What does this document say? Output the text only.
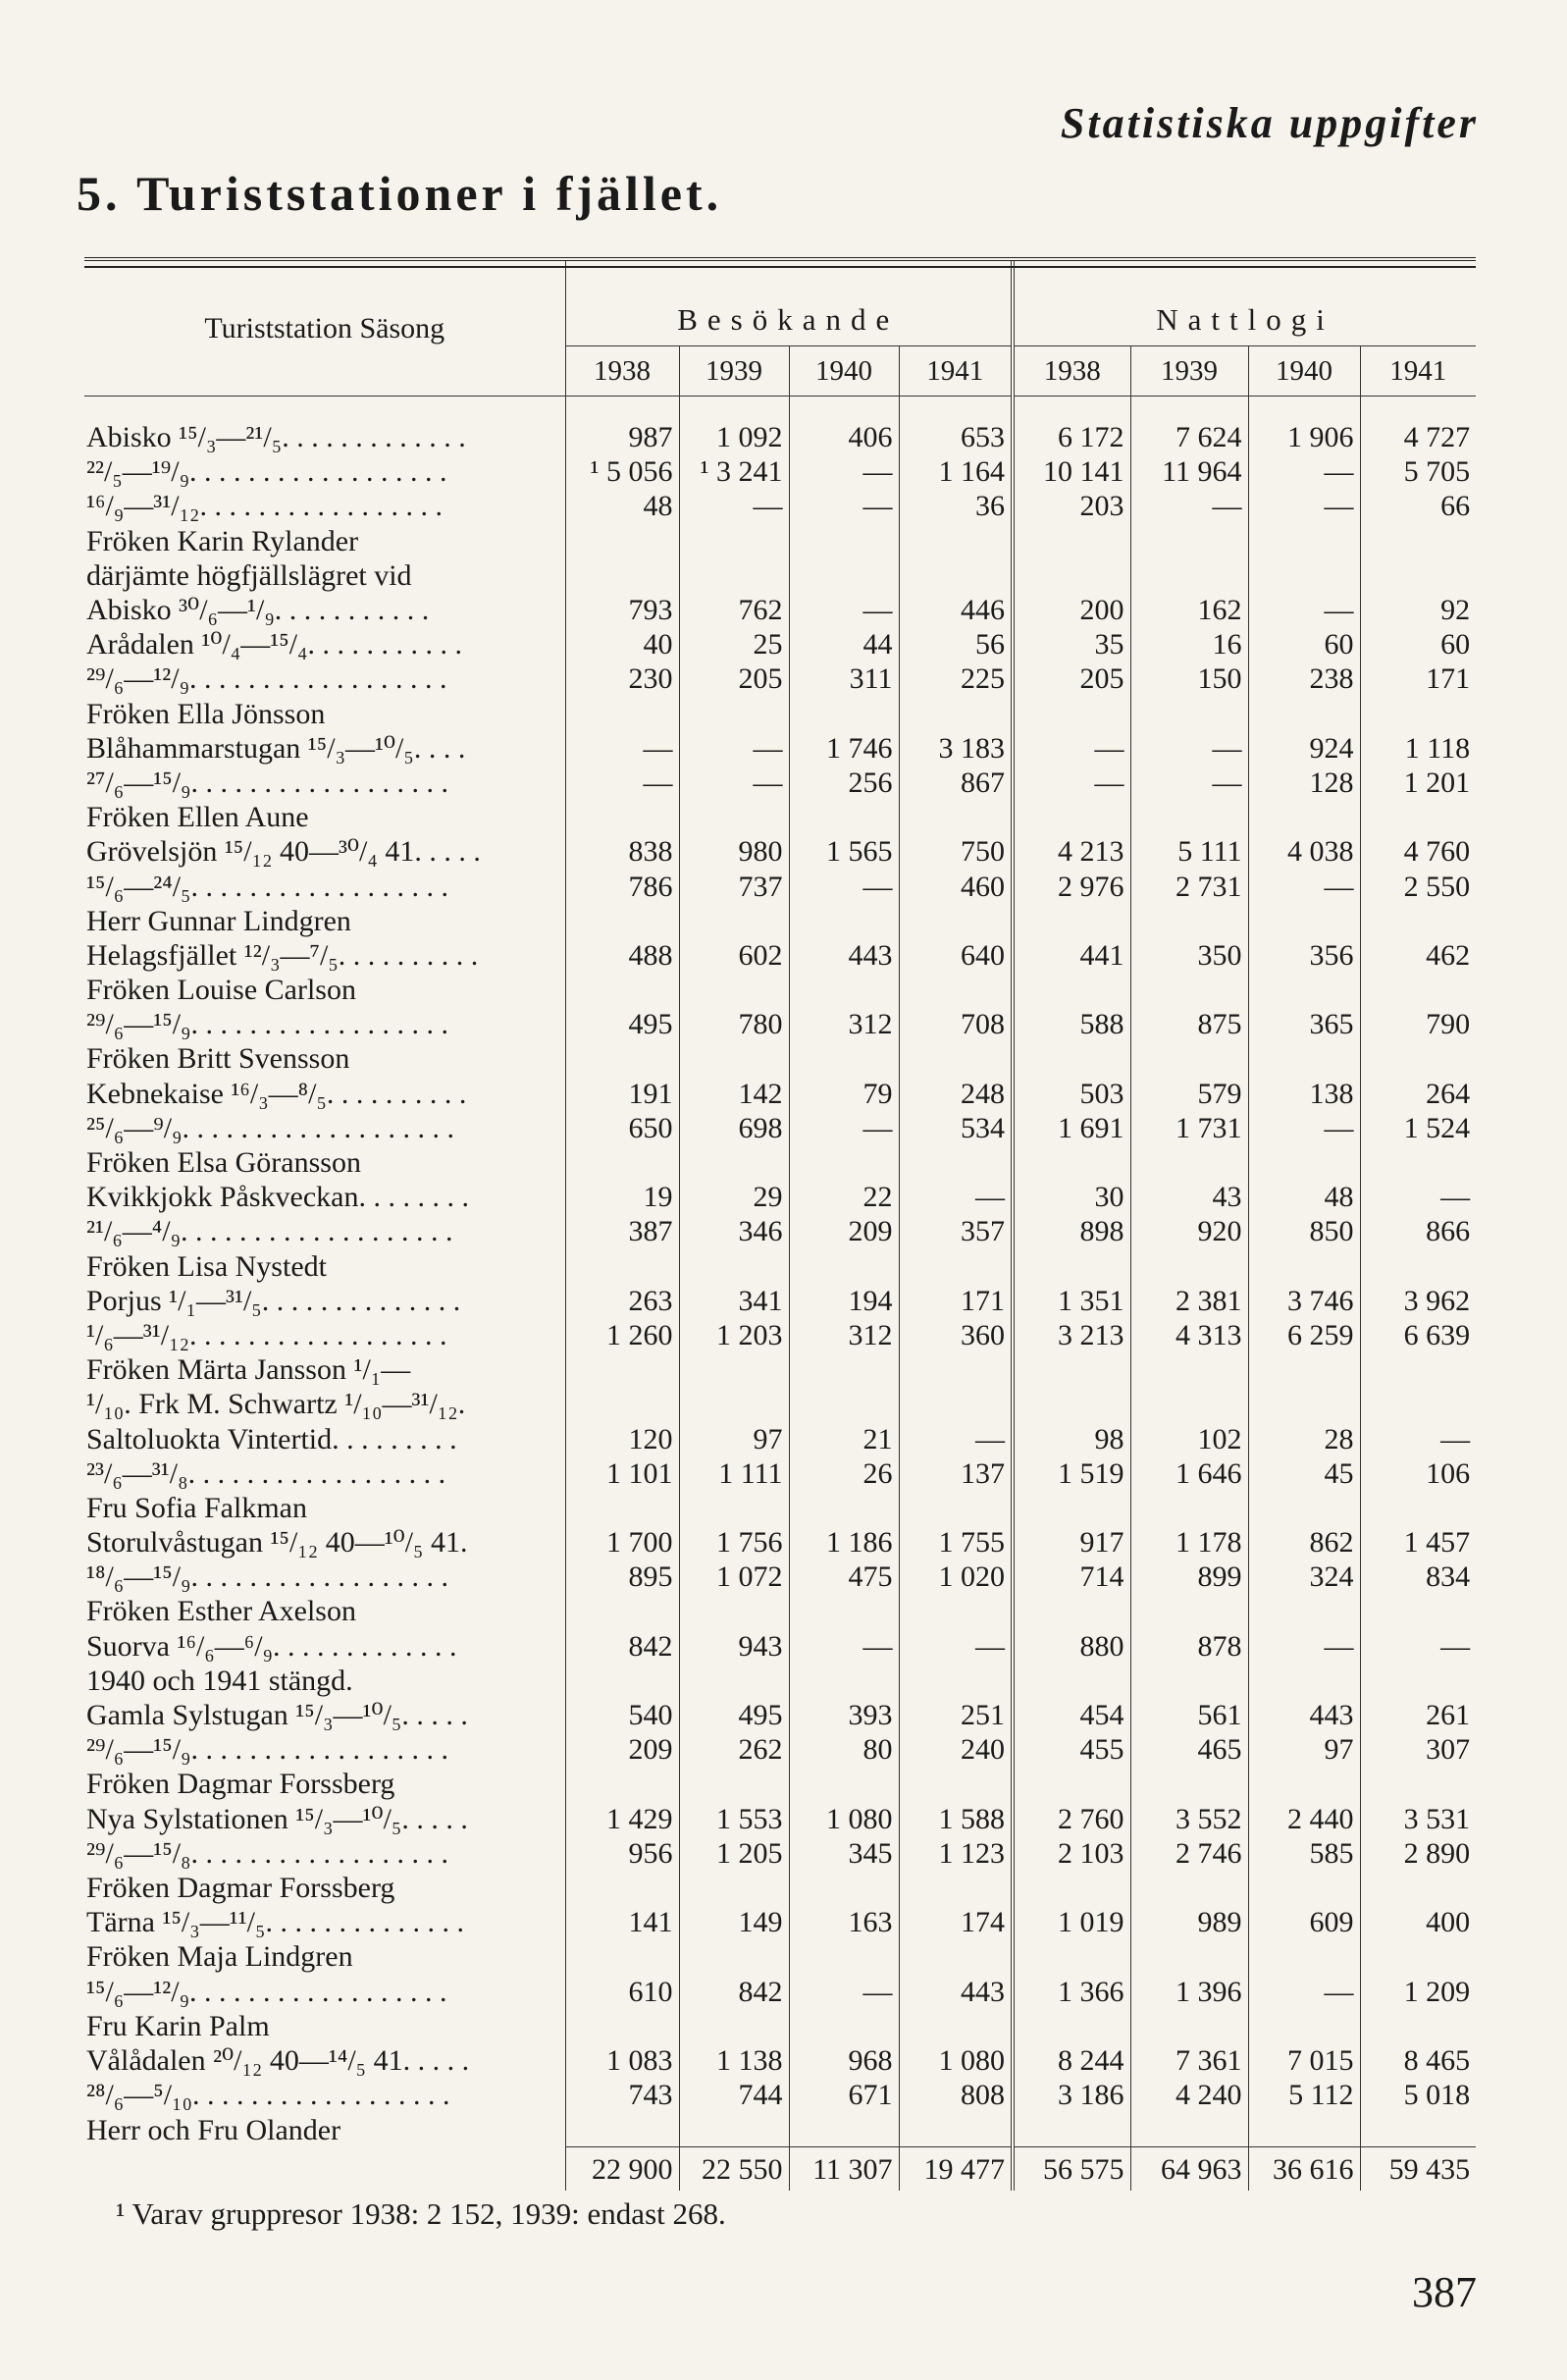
Statistiska uppgifter
5. Turiststationer i fjället.
Turiststation Säsong	Besökande				Nattlogi			
	1938	1939	1940	1941	1938	1939	1940	1941

Abisko ¹⁵/₃—²¹/₅. . . . . . . . . . . . .	987	1 092	406	653	6 172	7 624	1 906	4 727
²²/₅—¹⁹/₉. . . . . . . . . . . . . . . . . .	¹ 5 056	¹ 3 241	—	1 164	10 141	11 964	—	5 705
¹⁶/₉—³¹/₁₂. . . . . . . . . . . . . . . . .	48	—	—	36	203	—	—	66
Fröken Karin Rylander								
därjämte högfjällslägret vid								
Abisko ³⁰/₆—¹/₉. . . . . . . . . . .	793	762	—	446	200	162	—	92
Arådalen ¹⁰/₄—¹⁵/₄. . . . . . . . . . .	40	25	44	56	35	16	60	60
²⁹/₆—¹²/₉. . . . . . . . . . . . . . . . . .	230	205	311	225	205	150	238	171
Fröken Ella Jönsson								
Blåhammarstugan ¹⁵/₃—¹⁰/₅. . . .	—	—	1 746	3 183	—	—	924	1 118
²⁷/₆—¹⁵/₉. . . . . . . . . . . . . . . . . .	—	—	256	867	—	—	128	1 201
Fröken Ellen Aune								
Grövelsjön ¹⁵/₁₂ 40—³⁰/₄ 41. . . . .	838	980	1 565	750	4 213	5 111	4 038	4 760
¹⁵/₆—²⁴/₅. . . . . . . . . . . . . . . . . .	786	737	—	460	2 976	2 731	—	2 550
Herr Gunnar Lindgren								
Helagsfjället ¹²/₃—⁷/₅. . . . . . . . . .	488	602	443	640	441	350	356	462
Fröken Louise Carlson								
²⁹/₆—¹⁵/₉. . . . . . . . . . . . . . . . . .	495	780	312	708	588	875	365	790
Fröken Britt Svensson								
Kebnekaise ¹⁶/₃—⁸/₅. . . . . . . . . .	191	142	79	248	503	579	138	264
²⁵/₆—⁹/₉. . . . . . . . . . . . . . . . . . .	650	698	—	534	1 691	1 731	—	1 524
Fröken Elsa Göransson								
Kvikkjokk Påskveckan. . . . . . . .	19	29	22	—	30	43	48	—
²¹/₆—⁴/₉. . . . . . . . . . . . . . . . . . .	387	346	209	357	898	920	850	866
Fröken Lisa Nystedt								
Porjus ¹/₁—³¹/₅. . . . . . . . . . . . . .	263	341	194	171	1 351	2 381	3 746	3 962
¹/₆—³¹/₁₂. . . . . . . . . . . . . . . . . .	1 260	1 203	312	360	3 213	4 313	6 259	6 639
Fröken Märta Jansson ¹/₁—								
¹/₁₀. Frk M. Schwartz ¹/₁₀—³¹/₁₂.								
Saltoluokta Vintertid. . . . . . . . .	120	97	21	—	98	102	28	—
²³/₆—³¹/₈. . . . . . . . . . . . . . . . . .	1 101	1 111	26	137	1 519	1 646	45	106
Fru Sofia Falkman								
Storulvåstugan ¹⁵/₁₂ 40—¹⁰/₅ 41.	1 700	1 756	1 186	1 755	917	1 178	862	1 457
¹⁸/₆—¹⁵/₉. . . . . . . . . . . . . . . . . .	895	1 072	475	1 020	714	899	324	834
Fröken Esther Axelson								
Suorva ¹⁶/₆—⁶/₉. . . . . . . . . . . . .	842	943	—	—	880	878	—	—
1940 och 1941 stängd.								
Gamla Sylstugan ¹⁵/₃—¹⁰/₅. . . . .	540	495	393	251	454	561	443	261
²⁹/₆—¹⁵/₉. . . . . . . . . . . . . . . . . .	209	262	80	240	455	465	97	307
Fröken Dagmar Forssberg								
Nya Sylstationen ¹⁵/₃—¹⁰/₅. . . . .	1 429	1 553	1 080	1 588	2 760	3 552	2 440	3 531
²⁹/₆—¹⁵/₈. . . . . . . . . . . . . . . . . .	956	1 205	345	1 123	2 103	2 746	585	2 890
Fröken Dagmar Forssberg								
Tärna ¹⁵/₃—¹¹/₅. . . . . . . . . . . . . .	141	149	163	174	1 019	989	609	400
Fröken Maja Lindgren								
¹⁵/₆—¹²/₉. . . . . . . . . . . . . . . . . .	610	842	—	443	1 366	1 396	—	1 209
Fru Karin Palm								
Vålådalen ²⁰/₁₂ 40—¹⁴/₅ 41. . . . .	1 083	1 138	968	1 080	8 244	7 361	7 015	8 465
²⁸/₆—⁵/₁₀. . . . . . . . . . . . . . . . . .	743	744	671	808	3 186	4 240	5 112	5 018
Herr och Fru Olander								
	22 900	22 550	11 307	19 477	56 575	64 963	36 616	59 435
¹ Varav gruppresor 1938: 2 152, 1939: endast 268.
387
